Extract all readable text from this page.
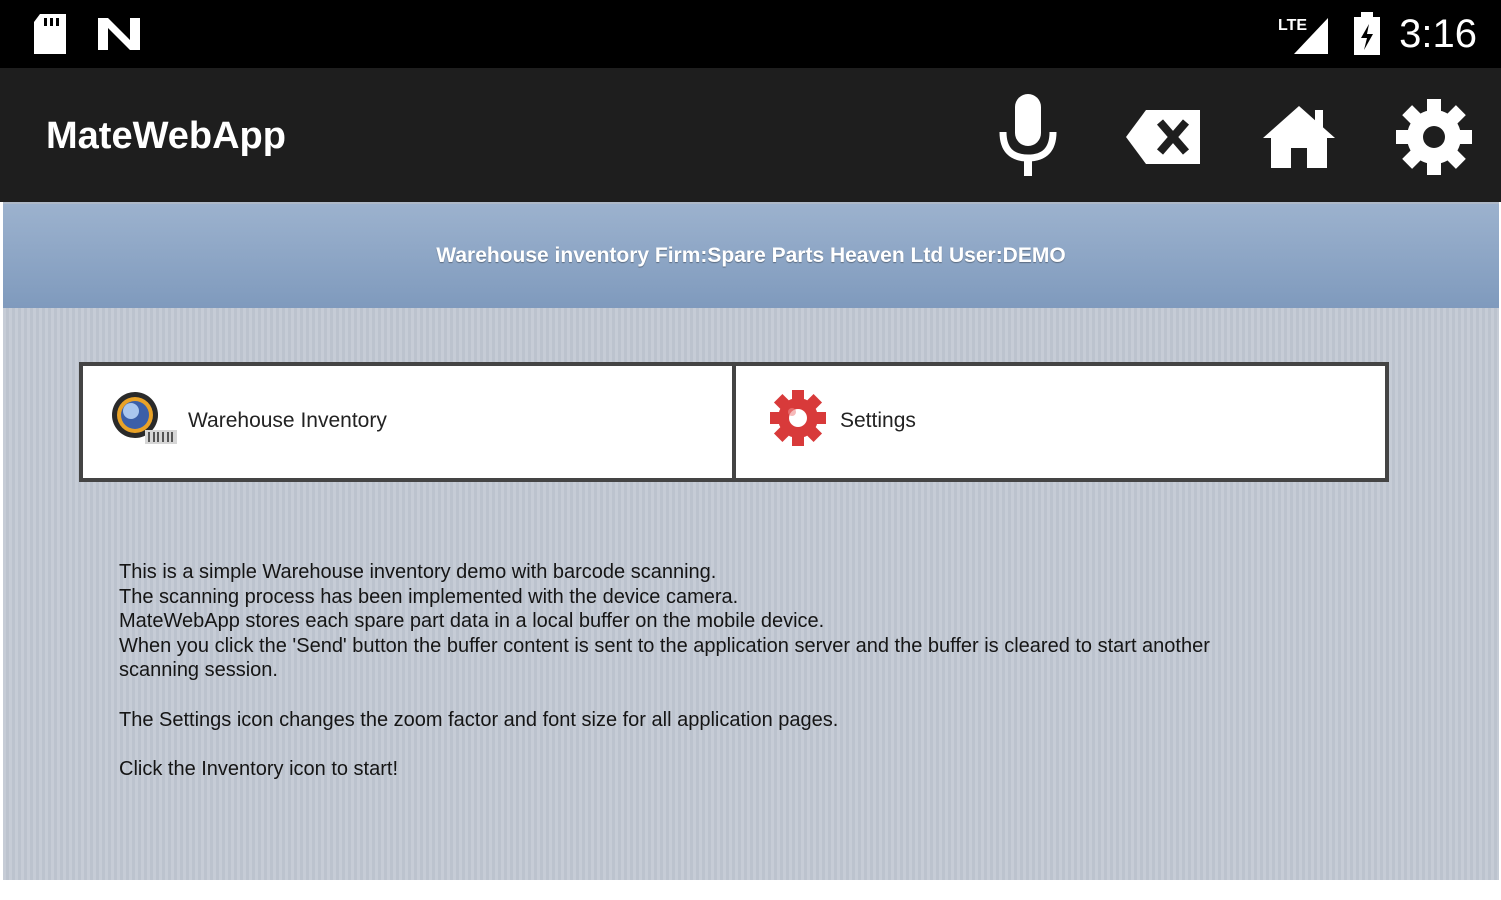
LTE 3:16
MateWebApp
Warehouse inventory Firm:Spare Parts Heaven Ltd User:DEMO
Warehouse Inventory	Settings
This is a simple Warehouse inventory demo with barcode scanning.
The scanning process has been implemented with the device camera.
MateWebApp stores each spare part data in a local buffer on the mobile device.
When you click the 'Send' button the buffer content is sent to the application server and the buffer is cleared to start another
scanning session.
The Settings icon changes the zoom factor and font size for all application pages.
Click the Inventory icon to start!
